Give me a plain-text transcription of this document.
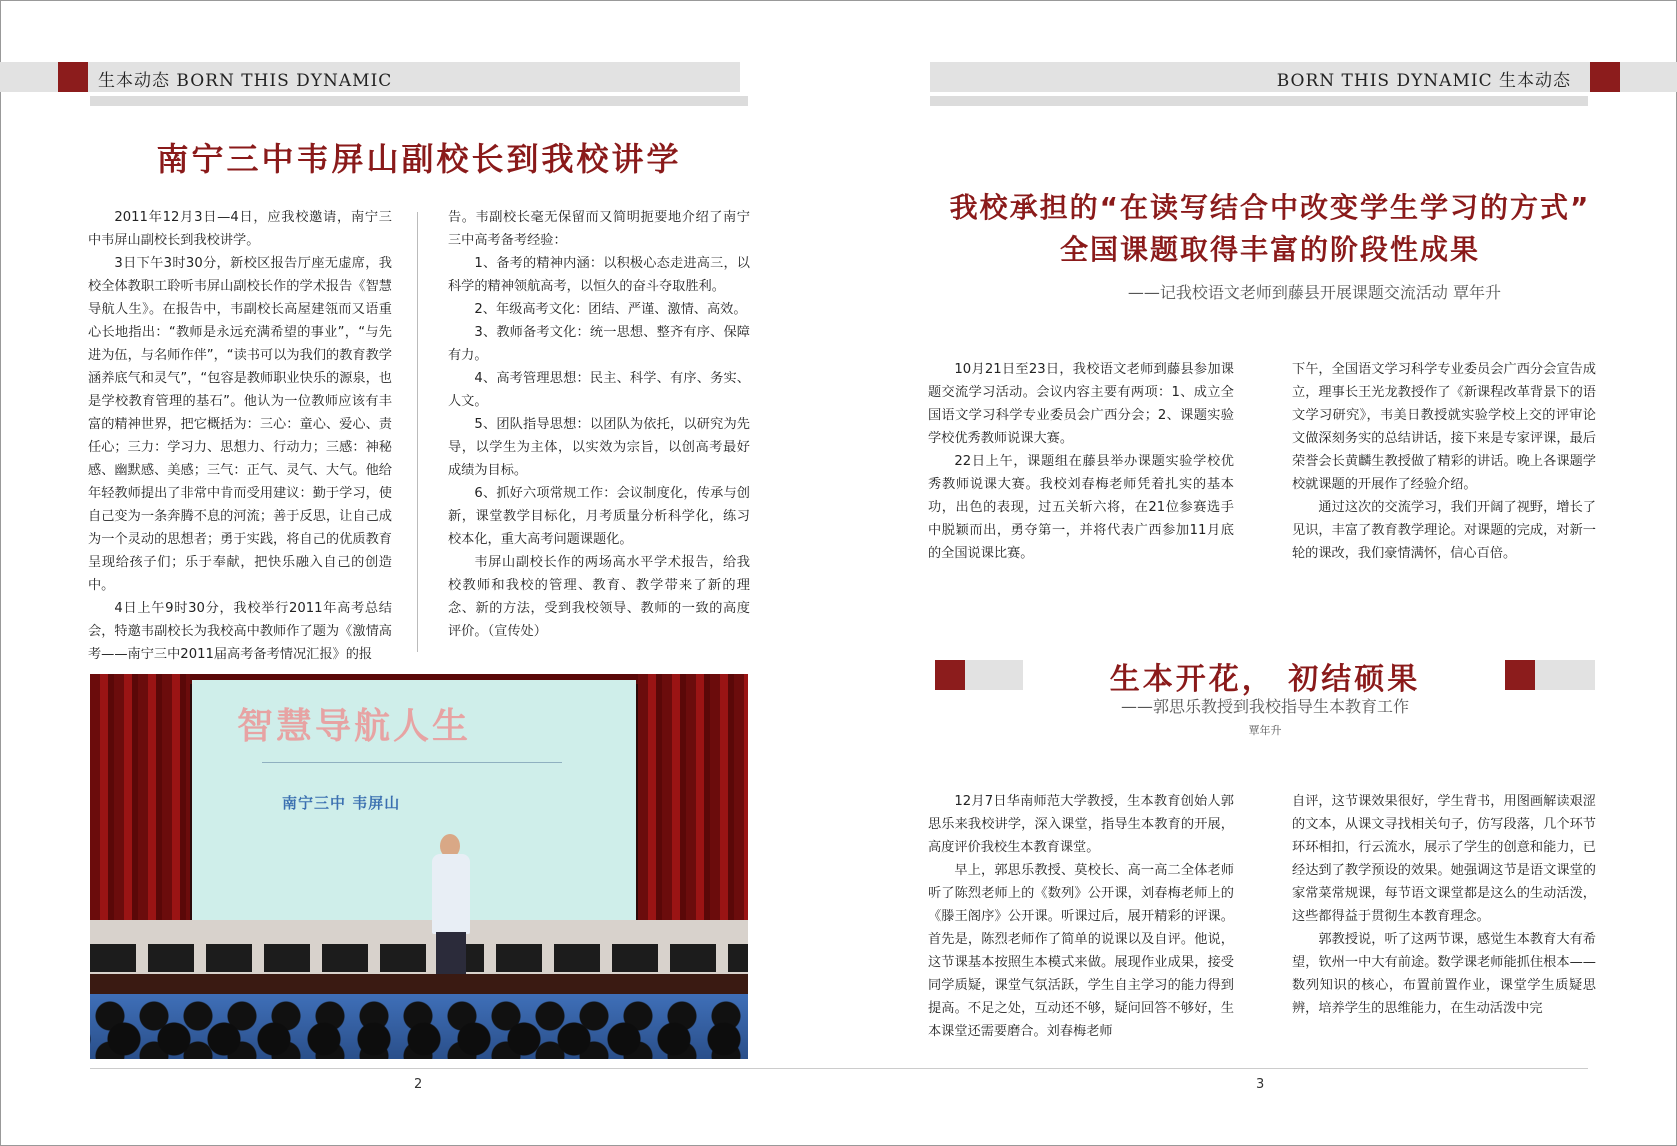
生本动态 BORN THIS DYNAMIC	BORN THIS DYNAMIC 生本动态
南宁三中韦屏山副校长到我校讲学

2011年12月3日—4日，应我校邀请，南宁三中韦屏山副校长到我校讲学。

3日下午3时30分，新校区报告厅座无虚席，我校全体教职工聆听韦屏山副校长作的学术报告《智慧导航人生》。在报告中，韦副校长高屋建瓴而又语重心长地指出：“教师是永远充满希望的事业”，“与先进为伍，与名师作伴”，“读书可以为我们的教育教学涵养底气和灵气”，“包容是教师职业快乐的源泉，也是学校教育管理的基石”。他认为一位教师应该有丰富的精神世界，把它概括为：三心：童心、爱心、责任心；三力：学习力、思想力、行动力；三感：神秘感、幽默感、美感；三气：正气、灵气、大气。他给年轻教师提出了非常中肯而受用建议：勤于学习，使自己变为一条奔腾不息的河流；善于反思，让自己成为一个灵动的思想者；勇于实践，将自己的优质教育呈现给孩子们；乐于奉献，把快乐融入自己的创造中。

4日上午9时30分，我校举行2011年高考总结会，特邀韦副校长为我校高中教师作了题为《激情高考——南宁三中2011届高考备考情况汇报》的报

告。韦副校长毫无保留而又简明扼要地介绍了南宁三中高考备考经验：

1、备考的精神内涵：以积极心态走进高三，以科学的精神领航高考，以恒久的奋斗夺取胜利。

2、年级高考文化：团结、严谨、激情、高效。

3、教师备考文化：统一思想、整齐有序、保障有力。

4、高考管理思想：民主、科学、有序、务实、人文。

5、团队指导思想：以团队为依托，以研究为先导，以学生为主体，以实效为宗旨，以创高考最好成绩为目标。

6、抓好六项常规工作：会议制度化，传承与创新，课堂教学目标化，月考质量分析科学化，练习校本化，重大高考问题课题化。

韦屏山副校长作的两场高水平学术报告，给我校教师和我校的管理、教育、教学带来了新的理念、新的方法，受到我校领导、教师的一致的高度评价。（宣传处）

智慧导航人生
南宁三中 韦屏山
我校承担的“在读写结合中改变学生学习的方式”
全国课题取得丰富的阶段性成果
——记我校语文老师到藤县开展课题交流活动 覃年升

10月21日至23日，我校语文老师到藤县参加课题交流学习活动。会议内容主要有两项：1、成立全国语文学习科学专业委员会广西分会；2、课题实验学校优秀教师说课大赛。

22日上午，课题组在藤县举办课题实验学校优秀教师说课大赛。我校刘春梅老师凭着扎实的基本功，出色的表现，过五关斩六将，在21位参赛选手中脱颖而出，勇夺第一，并将代表广西参加11月底的全国说课比赛。

下午，全国语文学习科学专业委员会广西分会宣告成立，理事长王光龙教授作了《新课程改革背景下的语文学习研究》，韦美日教授就实验学校上交的评审论文做深刻务实的总结讲话，接下来是专家评课，最后荣誉会长黄麟生教授做了精彩的讲话。晚上各课题学校就课题的开展作了经验介绍。

通过这次的交流学习，我们开阔了视野，增长了见识，丰富了教育教学理论。对课题的完成，对新一轮的课改，我们豪情满怀，信心百倍。

生本开花， 初结硕果
——郭思乐教授到我校指导生本教育工作
覃年升

12月7日华南师范大学教授，生本教育创始人郭思乐来我校讲学，深入课堂，指导生本教育的开展，高度评价我校生本教育课堂。

早上，郭思乐教授、莫校长、高一高二全体老师听了陈烈老师上的《数列》公开课，刘春梅老师上的《滕王阁序》公开课。听课过后，展开精彩的评课。首先是，陈烈老师作了简单的说课以及自评。他说，这节课基本按照生本模式来做。展现作业成果，接受同学质疑，课堂气氛活跃，学生自主学习的能力得到提高。不足之处，互动还不够，疑问回答不够好，生本课堂还需要磨合。刘春梅老师

自评，这节课效果很好，学生背书，用图画解读艰涩的文本，从课文寻找相关句子，仿写段落，几个环节环环相扣，行云流水，展示了学生的创意和能力，已经达到了教学预设的效果。她强调这节是语文课堂的家常菜常规课，每节语文课堂都是这么的生动活泼，这些都得益于贯彻生本教育理念。

郭教授说，听了这两节课，感觉生本教育大有希望，钦州一中大有前途。数学课老师能抓住根本——数列知识的核心，布置前置作业，课堂学生质疑思辨，培养学生的思维能力，在生动活泼中完

2	3
